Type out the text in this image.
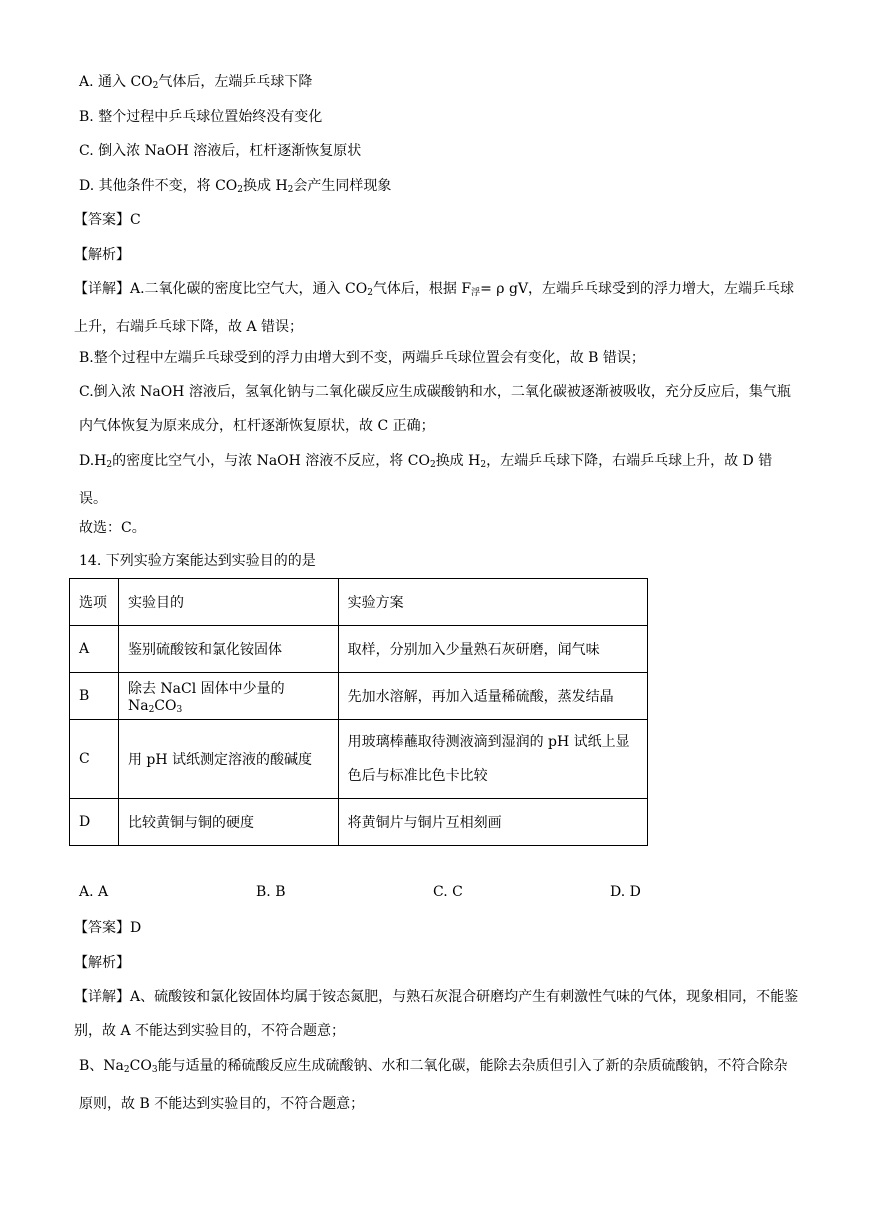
A. 通入 $CO_2$气体后，左端乒乓球下降
B. 整个过程中乒乓球位置始终没有变化
C. 倒入浓 NaOH 溶液后，杠杆逐渐恢复原状
D. 其他条件不变，将 $CO_2$换成 $H_2$会产生同样现象
【答案】C
【解析】
【详解】A.二氧化碳的密度比空气大，通入 $CO_2$气体后，根据 $F_浮= \rho$ gV，左端乒乓球受到的浮力增大，左端乒乓球上升，右端乒乓球下降，故 A 错误；
B.整个过程中左端乒乓球受到的浮力由增大到不变，两端乒乓球位置会有变化，故 B 错误；
C.倒入浓 NaOH 溶液后，氢氧化钠与二氧化碳反应生成碳酸钠和水，二氧化碳被逐渐被吸收，充分反应后，集气瓶内气体恢复为原来成分，杠杆逐渐恢复原状，故 C 正确；
$D.H_2$的密度比空气小，与浓 NaOH 溶液不反应，将 $CO_2$换成 $H_2$，左端乒乓球下降，右端乒乓球上升，故 D 错误。
故选：C。
14. 下列实验方案能达到实验目的的是
选项	实验目的	实验方案
A	鉴别硫酸铵和氯化铵固体	取样，分别加入少量熟石灰研磨，闻气味
B	除去 NaCl 固体中少量的 $Na_2CO_3$	先加水溶解，再加入适量稀硫酸，蒸发结晶
C	用 pH 试纸测定溶液的酸碱度	用玻璃棒蘸取待测液滴到湿润的 pH 试纸上显色后与标准比色卡比较
D	比较黄铜与铜的硬度	将黄铜片与铜片互相刻画
A. A	B. B	C. C	D. D
【答案】D
【解析】
【详解】A、硫酸铵和氯化铵固体均属于铵态氮肥，与熟石灰混合研磨均产生有刺激性气味的气体，现象相同，不能鉴别，故 A 不能达到实验目的，不符合题意；
B、$Na_2CO_3$能与适量的稀硫酸反应生成硫酸钠、水和二氧化碳，能除去杂质但引入了新的杂质硫酸钠，不符合除杂原则，故 B 不能达到实验目的，不符合题意；
